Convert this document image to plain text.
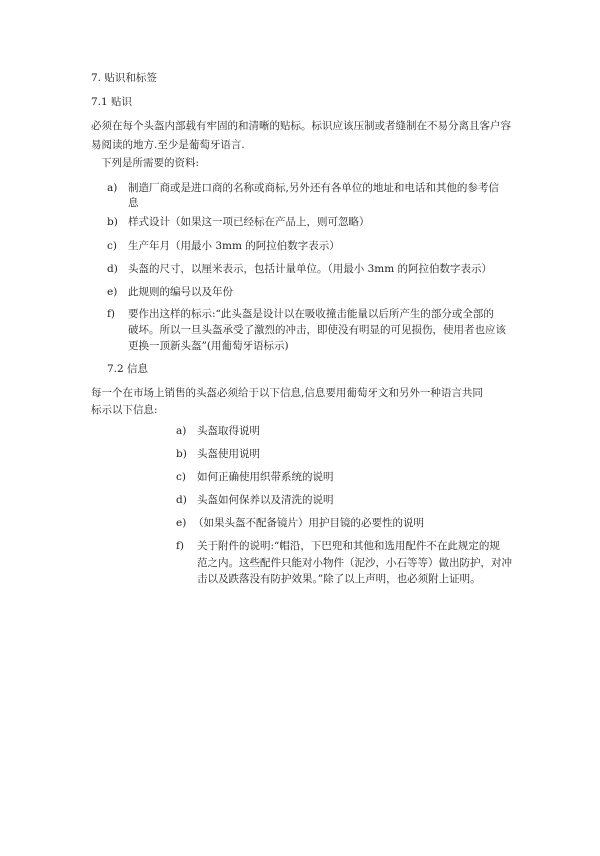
7. 贴识和标签
7.1 贴识
必须在每个头盔内部载有牢固的和清晰的贴标。标识应该压制或者缝制在不易分离且客户容
易阅读的地方.至少是葡萄牙语言.
下列是所需要的资料:
a) 制造厂商或是进口商的名称或商标,另外还有各单位的地址和电话和其他的参考信
息
b) 样式设计（如果这一项已经标在产品上，则可忽略）
c) 生产年月（用最小 3mm 的阿拉伯数字表示）
d) 头盔的尺寸，以厘米表示，包括计量单位。（用最小 3mm 的阿拉伯数字表示）
e) 此规则的编号以及年份
f) 要作出这样的标示:“此头盔是设计以在吸收撞击能量以后所产生的部分或全部的
破坏。所以一旦头盔承受了激烈的冲击，即使没有明显的可见损伤，使用者也应该
更换一顶新头盔”(用葡萄牙语标示)
7.2 信息
每一个在市场上销售的头盔必须给于以下信息,信息要用葡萄牙文和另外一种语言共同
标示以下信息:
a) 头盔取得说明
b) 头盔使用说明
c) 如何正确使用织带系统的说明
d) 头盔如何保养以及清洗的说明
e) （如果头盔不配备镜片）用护目镜的必要性的说明
f) 关于附件的说明:“帽沿，下巴兜和其他和选用配件不在此规定的规
范之内。这些配件只能对小物件（泥沙，小石等等）做出防护，对冲
击以及跌落没有防护效果。”除了以上声明，也必须附上证明。
